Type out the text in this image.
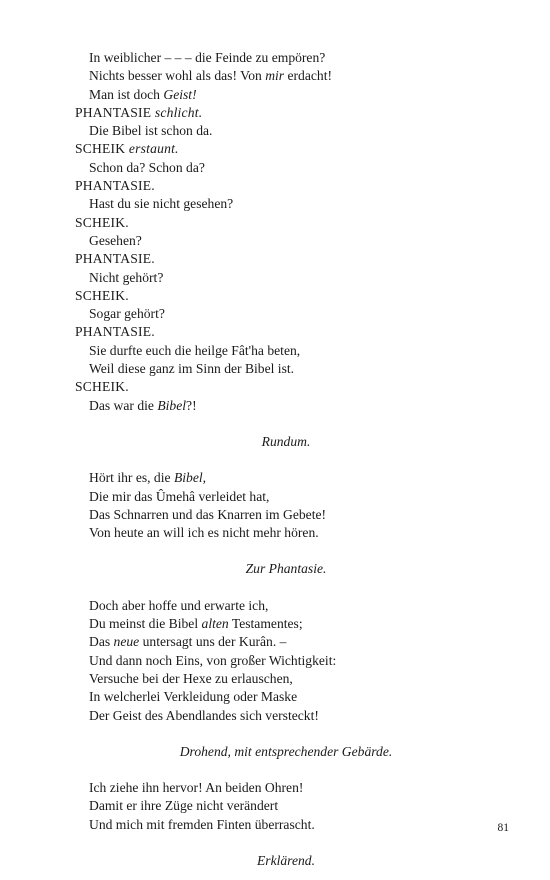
In weiblicher – – – die Feinde zu empören?
Nichts besser wohl als das! Von mir erdacht!
Man ist doch Geist!
PHANTASIE schlicht.
Die Bibel ist schon da.
SCHEIK erstaunt.
Schon da? Schon da?
PHANTASIE.
Hast du sie nicht gesehen?
SCHEIK.
Gesehen?
PHANTASIE.
Nicht gehört?
SCHEIK.
Sogar gehört?
PHANTASIE.
Sie durfte euch die heilge Fât'ha beten,
Weil diese ganz im Sinn der Bibel ist.
SCHEIK.
Das war die Bibel?!
Rundum.
Hört ihr es, die Bibel,
Die mir das Ûmehâ verleidet hat,
Das Schnarren und das Knarren im Gebete!
Von heute an will ich es nicht mehr hören.
Zur Phantasie.
Doch aber hoffe und erwarte ich,
Du meinst die Bibel alten Testamentes;
Das neue untersagt uns der Kurân. –
Und dann noch Eins, von großer Wichtigkeit:
Versuche bei der Hexe zu erlauschen,
In welcherlei Verkleidung oder Maske
Der Geist des Abendlandes sich versteckt!
Drohend, mit entsprechender Gebärde.
Ich ziehe ihn hervor! An beiden Ohren!
Damit er ihre Züge nicht verändert
Und mich mit fremden Finten überrascht.
Erklärend.
81
